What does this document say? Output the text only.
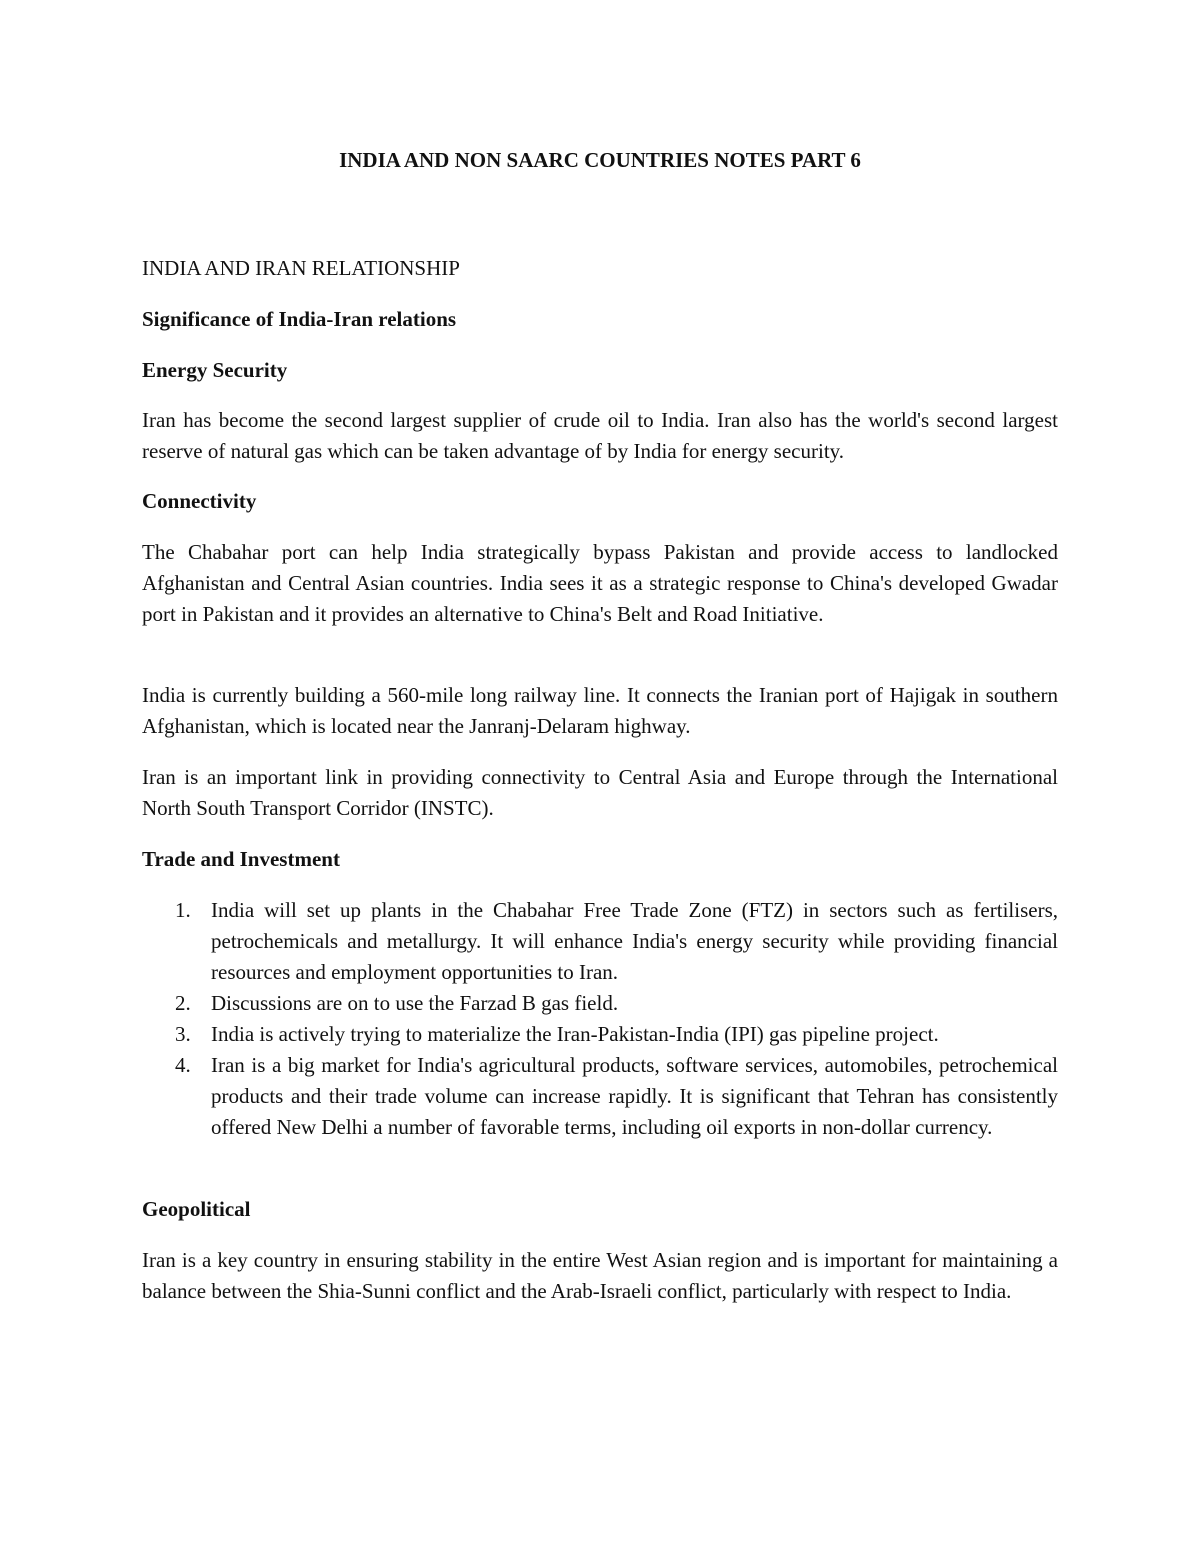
INDIA AND NON SAARC COUNTRIES NOTES PART 6

INDIA AND IRAN RELATIONSHIP

Significance of India-Iran relations

Energy Security

Iran has become the second largest supplier of crude oil to India. Iran also has the world's second largest reserve of natural gas which can be taken advantage of by India for energy security.

Connectivity

The Chabahar port can help India strategically bypass Pakistan and provide access to landlocked Afghanistan and Central Asian countries. India sees it as a strategic response to China's developed Gwadar port in Pakistan and it provides an alternative to China's Belt and Road Initiative.

India is currently building a 560-mile long railway line. It connects the Iranian port of Hajigak in southern Afghanistan, which is located near the Janranj-Delaram highway.

Iran is an important link in providing connectivity to Central Asia and Europe through the International North South Transport Corridor (INSTC).

Trade and Investment

1. India will set up plants in the Chabahar Free Trade Zone (FTZ) in sectors such as fertilisers, petrochemicals and metallurgy. It will enhance India's energy security while providing financial resources and employment opportunities to Iran.
2. Discussions are on to use the Farzad B gas field.
3. India is actively trying to materialize the Iran-Pakistan-India (IPI) gas pipeline project.
4. Iran is a big market for India's agricultural products, software services, automobiles, petrochemical products and their trade volume can increase rapidly. It is significant that Tehran has consistently offered New Delhi a number of favorable terms, including oil exports in non-dollar currency.

Geopolitical

Iran is a key country in ensuring stability in the entire West Asian region and is important for maintaining a balance between the Shia-Sunni conflict and the Arab-Israeli conflict, particularly with respect to India.
